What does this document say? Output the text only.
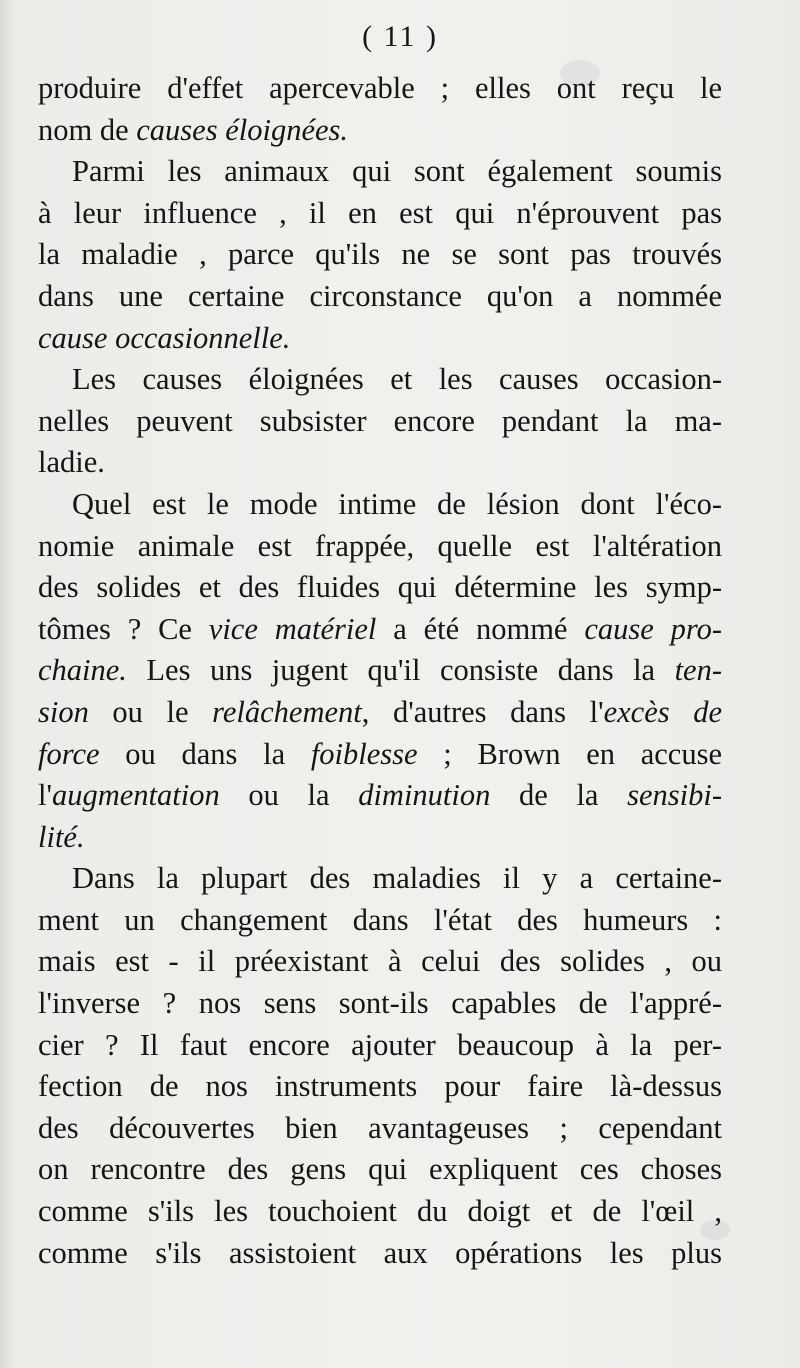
( 11 )
produire d'effet apercevable ; elles ont reçu le
nom de causes éloignées.
Parmi les animaux qui sont également soumis
à leur influence , il en est qui n'éprouvent pas
la maladie , parce qu'ils ne se sont pas trouvés
dans une certaine circonstance qu'on a nommée
cause occasionnelle.
Les causes éloignées et les causes occasion-
nelles peuvent subsister encore pendant la ma-
ladie.
Quel est le mode intime de lésion dont l'éco-
nomie animale est frappée, quelle est l'altération
des solides et des fluides qui détermine les symp-
tômes ? Ce vice matériel a été nommé cause pro-
chaine. Les uns jugent qu'il consiste dans la ten-
sion ou le relâchement, d'autres dans l'excès de
force ou dans la foiblesse ; Brown en accuse
l'augmentation ou la diminution de la sensibi-
lité.
Dans la plupart des maladies il y a certaine-
ment un changement dans l'état des humeurs :
mais est - il préexistant à celui des solides , ou
l'inverse ? nos sens sont-ils capables de l'appré-
cier ? Il faut encore ajouter beaucoup à la per-
fection de nos instruments pour faire là-dessus
des découvertes bien avantageuses ; cependant
on rencontre des gens qui expliquent ces choses
comme s'ils les touchoient du doigt et de l'œil ,
comme s'ils assistoient aux opérations les plus
